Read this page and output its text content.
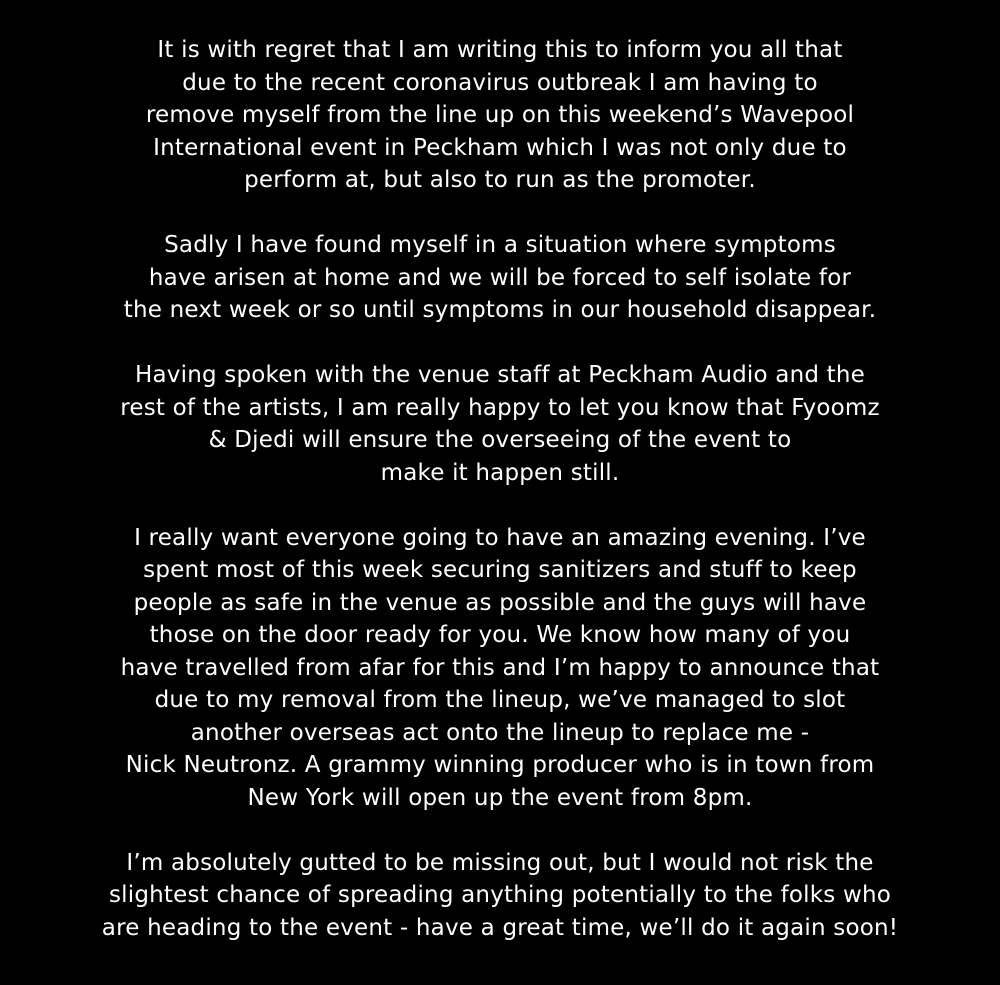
It is with regret that I am writing this to inform you all that
due to the recent coronavirus outbreak I am having to
remove myself from the line up on this weekend’s Wavepool
International event in Peckham which I was not only due to
perform at, but also to run as the promoter.
Sadly I have found myself in a situation where symptoms
have arisen at home and we will be forced to self isolate for
the next week or so until symptoms in our household disappear.
Having spoken with the venue staff at Peckham Audio and the
rest of the artists, I am really happy to let you know that Fyoomz
& Djedi will ensure the overseeing of the event to
make it happen still.
I really want everyone going to have an amazing evening. I’ve
spent most of this week securing sanitizers and stuff to keep
people as safe in the venue as possible and the guys will have
those on the door ready for you. We know how many of you
have travelled from afar for this and I’m happy to announce that
due to my removal from the lineup, we’ve managed to slot
another overseas act onto the lineup to replace me -
Nick Neutronz. A grammy winning producer who is in town from
New York will open up the event from 8pm.
I’m absolutely gutted to be missing out, but I would not risk the
slightest chance of spreading anything potentially to the folks who
are heading to the event - have a great time, we’ll do it again soon!
